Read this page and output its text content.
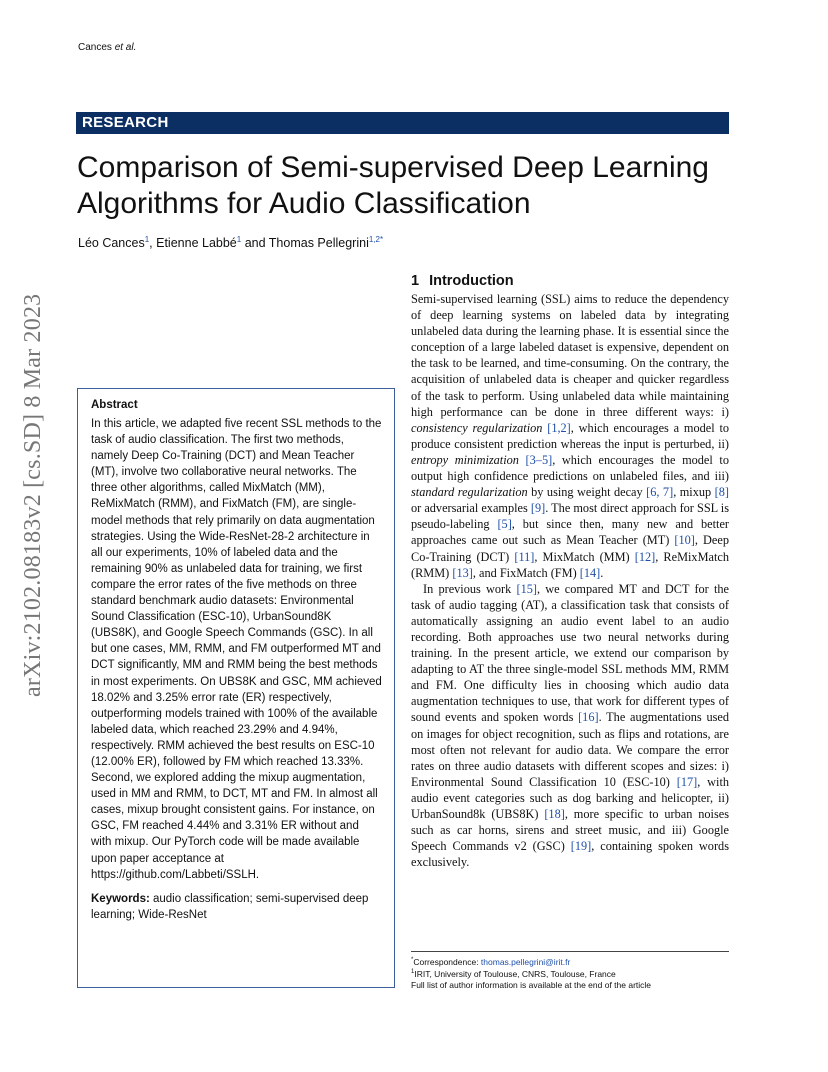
Cances et al.
RESEARCH
Comparison of Semi-supervised Deep Learning
Algorithms for Audio Classification
Léo Cances$^1$, Etienne Labbé$^1$ and Thomas Pellegrini$^{1,2*}$
arXiv:2102.08183v2 [cs.SD] 8 Mar 2023	Abstract

In this article, we adapted five recent SSL methods to the task of audio classification. The first two methods, namely Deep Co-Training (DCT) and Mean Teacher (MT), involve two collaborative neural networks. The three other algorithms, called MixMatch (MM), ReMixMatch (RMM), and FixMatch (FM), are single-model methods that rely primarily on data augmentation strategies. Using the Wide-ResNet-28-2 architecture in all our experiments, 10% of labeled data and the remaining 90% as unlabeled data for training, we first compare the error rates of the five methods on three standard benchmark audio datasets: Environmental Sound Classification (ESC-10), UrbanSound8K (UBS8K), and Google Speech Commands (GSC). In all but one cases, MM, RMM, and FM outperformed MT and DCT significantly, MM and RMM being the best methods in most experiments. On UBS8K and GSC, MM achieved 18.02% and 3.25% error rate (ER) respectively, outperforming models trained with 100% of the available labeled data, which reached 23.29% and 4.94%, respectively. RMM achieved the best results on ESC-10 (12.00% ER), followed by FM which reached 13.33%. Second, we explored adding the mixup augmentation, used in MM and RMM, to DCT, MT and FM. In almost all cases, mixup brought consistent gains. For instance, on GSC, FM reached 4.44% and 3.31% ER without and with mixup. Our PyTorch code will be made available upon paper acceptance at https://github.com/Labbeti/SSLH.

Keywords: audio classification; semi-supervised deep learning; Wide-ResNet

1 Introduction

Semi-supervised learning (SSL) aims to reduce the dependency of deep learning systems on labeled data by integrating unlabeled data during the learning phase. It is essential since the conception of a large labeled dataset is expensive, dependent on the task to be learned, and time-consuming. On the contrary, the acquisition of unlabeled data is cheaper and quicker regardless of the task to perform. Using unlabeled data while maintaining high performance can be done in three different ways: i) consistency regularization [1,2], which encourages a model to produce consistent prediction whereas the input is perturbed, ii) entropy minimization [3–5], which encourages the model to output high confidence predictions on unlabeled files, and iii) standard regularization by using weight decay [6, 7], mixup [8] or adversarial examples [9]. The most direct approach for SSL is pseudo-labeling [5], but since then, many new and better approaches came out such as Mean Teacher (MT) [10], Deep Co-Training (DCT) [11], MixMatch (MM) [12], ReMixMatch (RMM) [13], and FixMatch (FM) [14].

In previous work [15], we compared MT and DCT for the task of audio tagging (AT), a classification task that consists of automatically assigning an audio event label to an audio recording. Both approaches use two neural networks during training. In the present article, we extend our comparison by adapting to AT the three single-model SSL methods MM, RMM and FM. One difficulty lies in choosing which audio data augmentation techniques to use, that work for different types of sound events and spoken words [16]. The augmentations used on images for object recognition, such as flips and rotations, are most often not relevant for audio data. We compare the error rates on three audio datasets with different scopes and sizes: i) Environmental Sound Classification 10 (ESC-10) [17], with audio event categories such as dog barking and helicopter, ii) UrbanSound8k (UBS8K) [18], more specific to urban noises such as car horns, sirens and street music, and iii) Google Speech Commands v2 (GSC) [19], containing spoken words exclusively.

*Correspondence: thomas.pellegrini@irit.fr
$^1$IRIT, University of Toulouse, CNRS, Toulouse, France
Full list of author information is available at the end of the article
